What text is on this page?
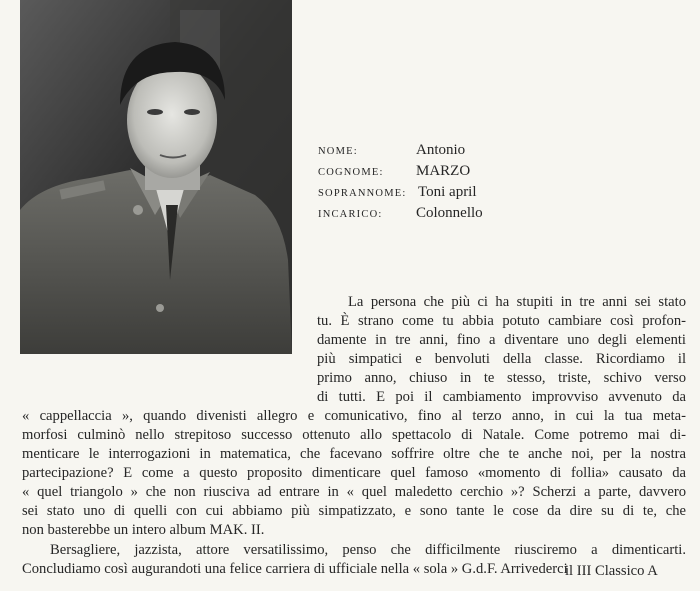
NOME:	Antonio
COGNOME: MARZO
SOPRANNOME: Toni april
INCARICO: Colonnello
La persona che più ci ha stupiti in tre anni sei stato
tu. È strano come tu abbia potuto cambiare così profon-
damente in tre anni, fino a diventare uno degli elementi
più simpatici e benvoluti della classe. Ricordiamo il
primo anno, chiuso in te stesso, triste, schivo verso
di tutti. E poi il cambiamento improvviso avvenuto da
« cappellaccia », quando divenisti allegro e comunicativo, fino al terzo anno, in cui la tua meta-
morfosi culminò nello strepitoso successo ottenuto allo spettacolo di Natale. Come potremo mai di-
menticare le interrogazioni in matematica, che facevano soffrire oltre che te anche noi, per la nostra
partecipazione? E come a questo proposito dimenticare quel famoso «momento di follia» causato da
« quel triangolo » che non riusciva ad entrare in « quel maledetto cerchio »? Scherzi a parte, davvero
sei stato uno di quelli con cui abbiamo più simpatizzato, e sono tante le cose da dire su di te, che
non basterebbe un intero album MAK. II.
Bersagliere, jazzista, attore versatilissimo, penso che difficilmente riusciremo a dimenticarti.
Concludiamo così augurandoti una felice carriera di ufficiale nella « sola » G.d.F. Arrivederci
il III Classico A
